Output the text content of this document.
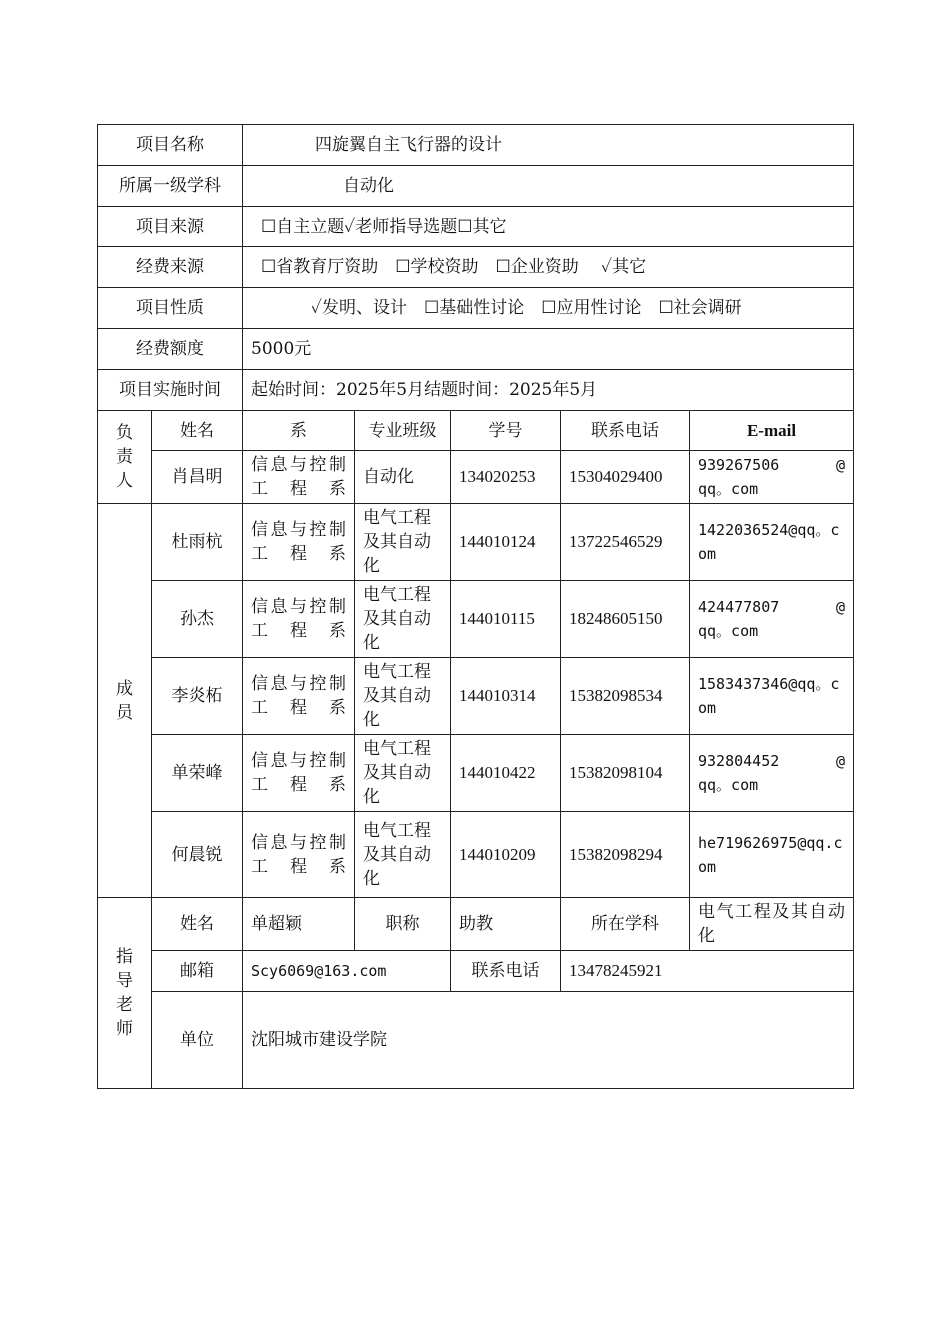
项目名称		四旋翼自主飞行器的设计				
所属一级学科		自动化				
项目来源		☐自主立题✓老师指导选题☐其它				
经费来源		☐省教育厅资助　☐学校资助　☐企业资助　 ✓其它				
项目性质		✓发明、设计　☐基础性讨论　☐应用性讨论　☐社会调研				
经费额度		5000元				
项目实施时间		起始时间：2025年5月结题时间：2025年5月				

负
责
人	姓名	系	专业班级	学号	联系电话	E-mail
	肖昌明	信息与控制工程系	自动化	134020253	15304029400	939267506 @
qq。com

成
员	杜雨杭	信息与控制工程系	电气工程及其自动化	144010124	13722546529	1422036524@qq。com
	孙杰	信息与控制工程系	电气工程及其自动化	144010115	18248605150	424477807 @
qq。com

	李炎柘	信息与控制工程系	电气工程及其自动化	144010314	15382098534	1583437346@qq。com
	单荣峰	信息与控制工程系	电气工程及其自动化	144010422	15382098104	932804452 @
qq。com

	何晨锐	信息与控制工程系	电气工程及其自动化	144010209	15382098294	he719626975@qq.com

指
导
老
师	姓名	单超颖	职称	助教	所在学科	电气工程及其自动化
	邮箱	Scy6069@163.com		联系电话	13478245921	
	单位	沈阳城市建设学院				
